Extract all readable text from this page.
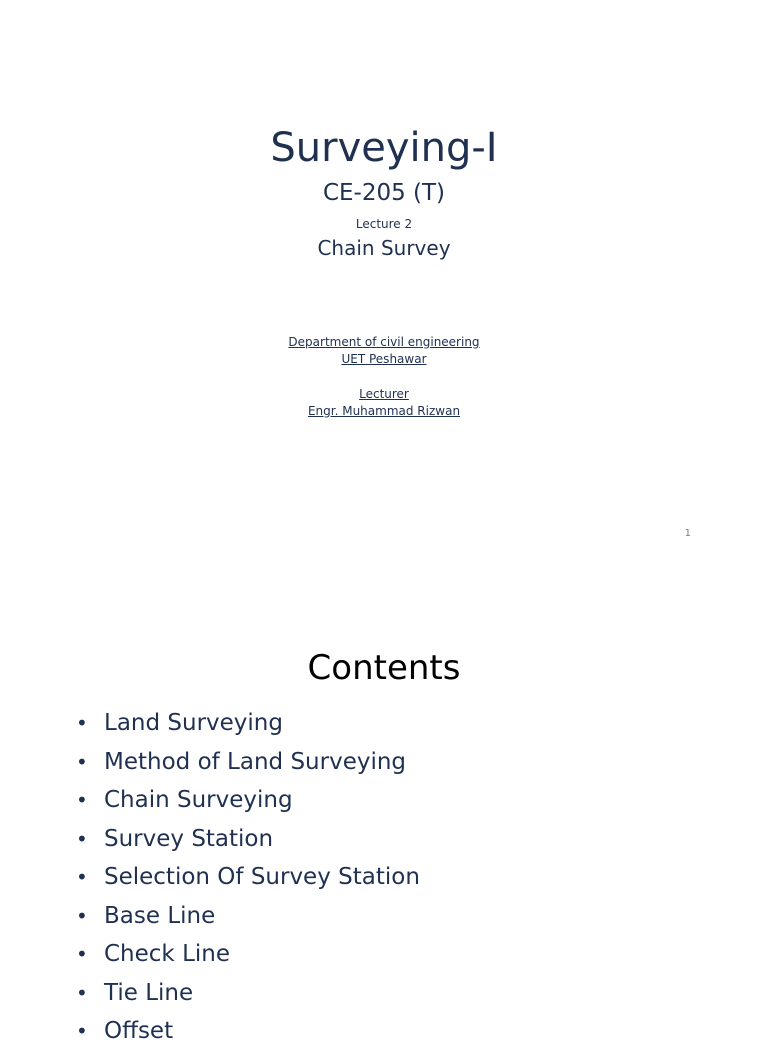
Surveying-I
CE-205 (T)
Lecture 2
Chain Survey
Department of civil engineering
UET Peshawar
Lecturer
Engr. Muhammad Rizwan
1
Contents
• Land Surveying
• Method of Land Surveying
• Chain Surveying
• Survey Station
• Selection Of Survey Station
• Base Line
• Check Line
• Tie Line
• Offset
